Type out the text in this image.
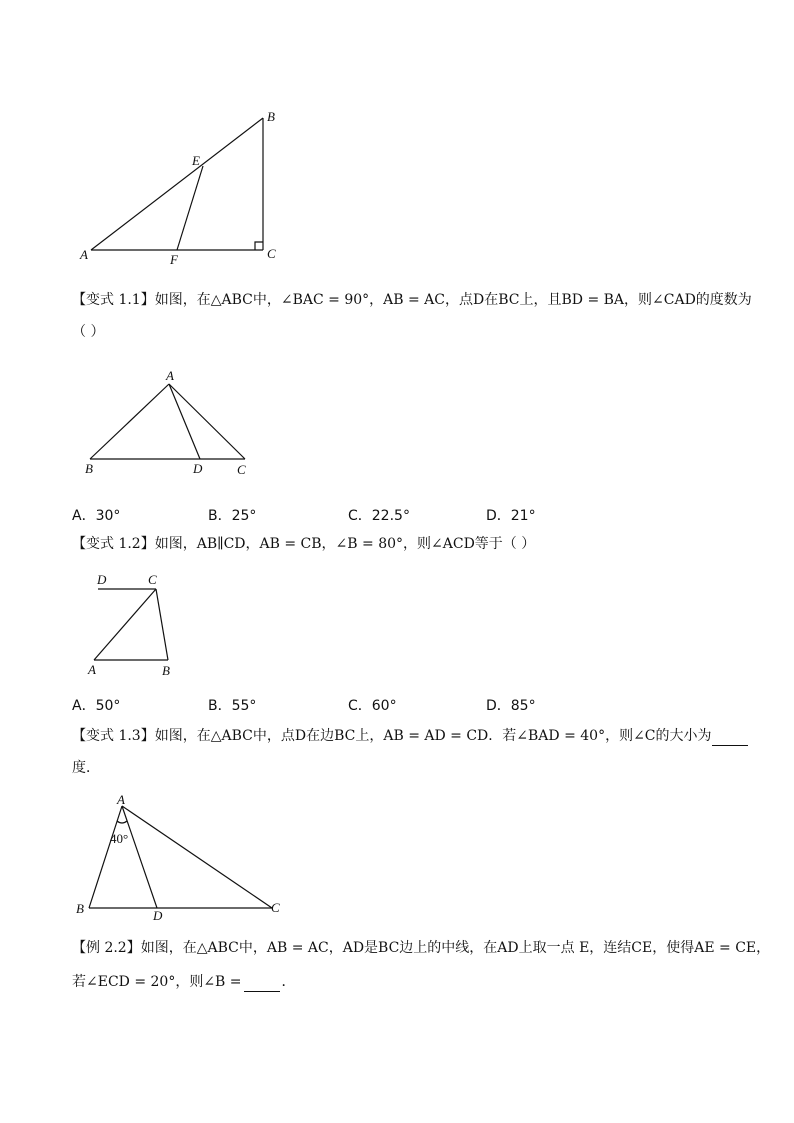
A
B
C
E
F
【变式 1.1】如图，在△ABC中，∠BAC = 90°，AB = AC，点D在BC上，且BD = BA，则∠CAD的度数为
（ ）
A
B	D	C
A．30°	B．25°	C．22.5°	D．21°
【变式 1.2】如图，AB∥CD，AB = CB，∠B = 80°，则∠ACD等于（ ）
D	C
A	B
A．50°	B．55°	C．60°	D．85°
【变式 1.3】如图，在△ABC中，点D在边BC上，AB = AD = CD．若∠BAD = 40°，则∠C的大小为
度．
A
B	D
C
40°
【例 2.2】如图，在△ABC中，AB = AC，AD是BC边上的中线，在AD上取一点 E，连结CE，使得AE = CE，
若∠ECD = 20°，则∠B =	．
